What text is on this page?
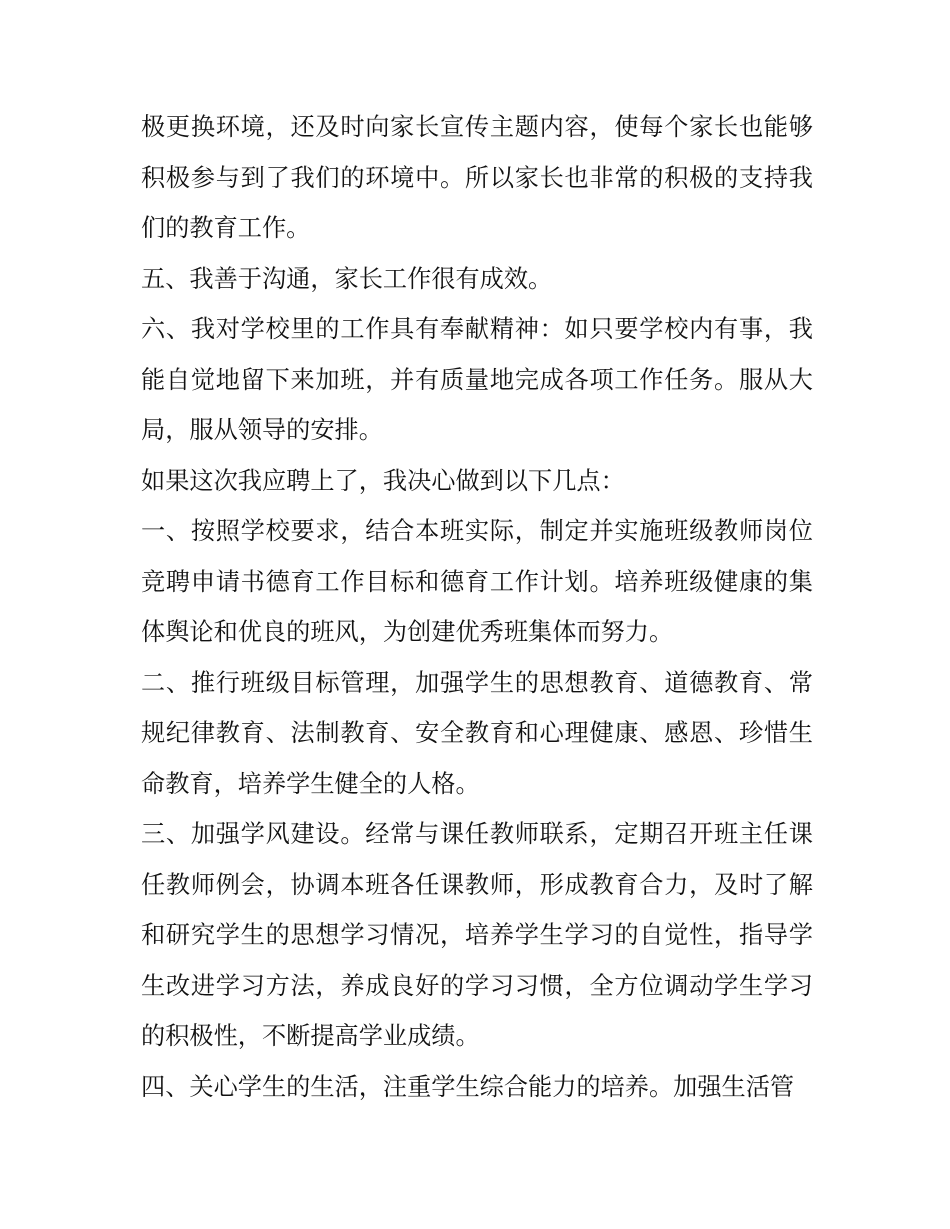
极更换环境，还及时向家长宣传主题内容，使每个家长也能够积极参与到了我们的环境中。所以家长也非常的积极的支持我们的教育工作。

五、我善于沟通，家长工作很有成效。

六、我对学校里的工作具有奉献精神：如只要学校内有事，我能自觉地留下来加班，并有质量地完成各项工作任务。服从大局，服从领导的安排。

如果这次我应聘上了，我决心做到以下几点：

一、按照学校要求，结合本班实际，制定并实施班级教师岗位竞聘申请书德育工作目标和德育工作计划。培养班级健康的集体舆论和优良的班风，为创建优秀班集体而努力。

二、推行班级目标管理，加强学生的思想教育、道德教育、常规纪律教育、法制教育、安全教育和心理健康、感恩、珍惜生命教育，培养学生健全的人格。

三、加强学风建设。经常与课任教师联系，定期召开班主任课任教师例会，协调本班各任课教师，形成教育合力，及时了解和研究学生的思想学习情况，培养学生学习的自觉性，指导学生改进学习方法，养成良好的学习习惯，全方位调动学生学习的积极性，不断提高学业成绩。

四、关心学生的生活，注重学生综合能力的培养。加强生活管
